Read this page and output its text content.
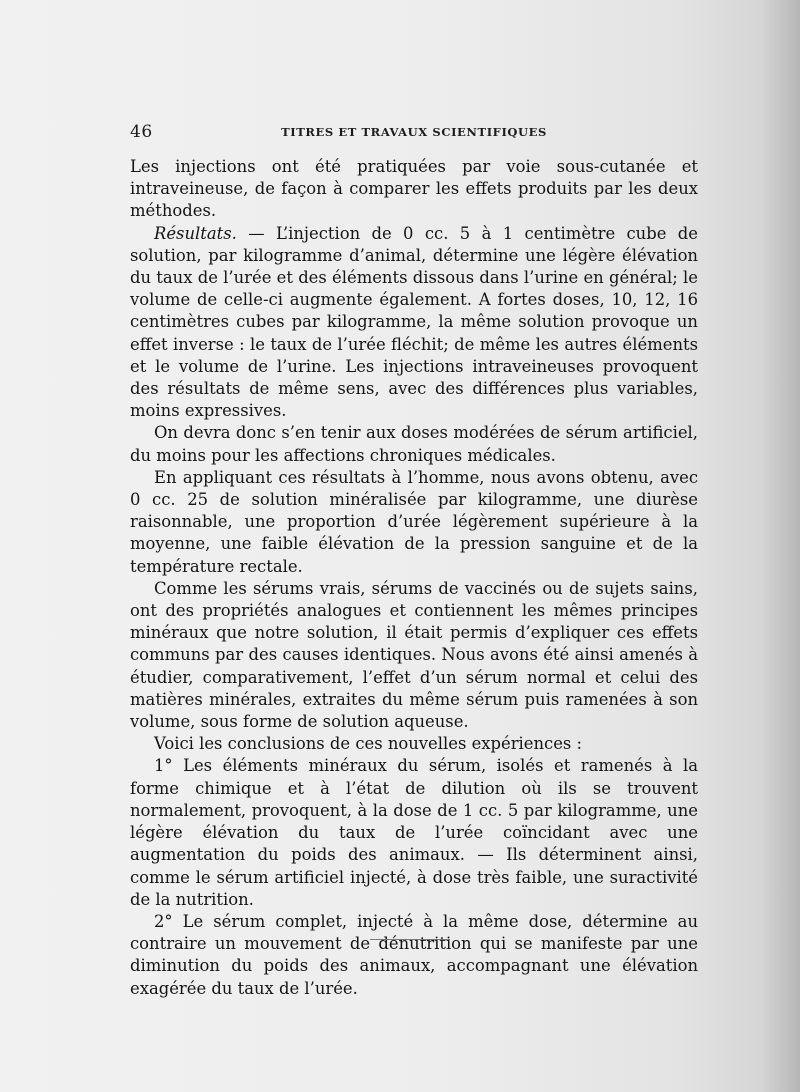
46	TITRES ET TRAVAUX SCIENTIFIQUES

Les injections ont été pratiquées par voie sous-cutanée et intraveineuse, de façon à comparer les effets produits par les deux méthodes.

Résultats. — L’injection de 0 cc. 5 à 1 centimètre cube de solution, par kilogramme d’animal, détermine une légère élévation du taux de l’urée et des éléments dissous dans l’urine en général; le volume de celle-ci augmente également. A fortes doses, 10, 12, 16 centimètres cubes par kilogramme, la même solution provoque un effet inverse : le taux de l’urée fléchit; de même les autres éléments et le volume de l’urine. Les injections intraveineuses provoquent des résultats de même sens, avec des différences plus variables, moins expressives.

On devra donc s’en tenir aux doses modérées de sérum artificiel, du moins pour les affections chroniques médicales.

En appliquant ces résultats à l’homme, nous avons obtenu, avec 0 cc. 25 de solution minéralisée par kilogramme, une diurèse raisonnable, une proportion d’urée légèrement supérieure à la moyenne, une faible élévation de la pression sanguine et de la température rectale.

Comme les sérums vrais, sérums de vaccinés ou de sujets sains, ont des propriétés analogues et contiennent les mêmes principes minéraux que notre solution, il était permis d’expliquer ces effets communs par des causes identiques. Nous avons été ainsi amenés à étudier, comparativement, l’effet d’un sérum normal et celui des matières minérales, extraites du même sérum puis ramenées à son volume, sous forme de solution aqueuse.

Voici les conclusions de ces nouvelles expériences :

1° Les éléments minéraux du sérum, isolés et ramenés à la forme chimique et à l’état de dilution où ils se trouvent normalement, provoquent, à la dose de 1 cc. 5 par kilogramme, une légère élévation du taux de l’urée coïncidant avec une augmentation du poids des animaux. — Ils déterminent ainsi, comme le sérum artificiel injecté, à dose très faible, une suractivité de la nutrition.

2° Le sérum complet, injecté à la même dose, détermine au contraire un mouvement de dénutrition qui se manifeste par une diminution du poids des animaux, accompagnant une élévation exagérée du taux de l’urée.
